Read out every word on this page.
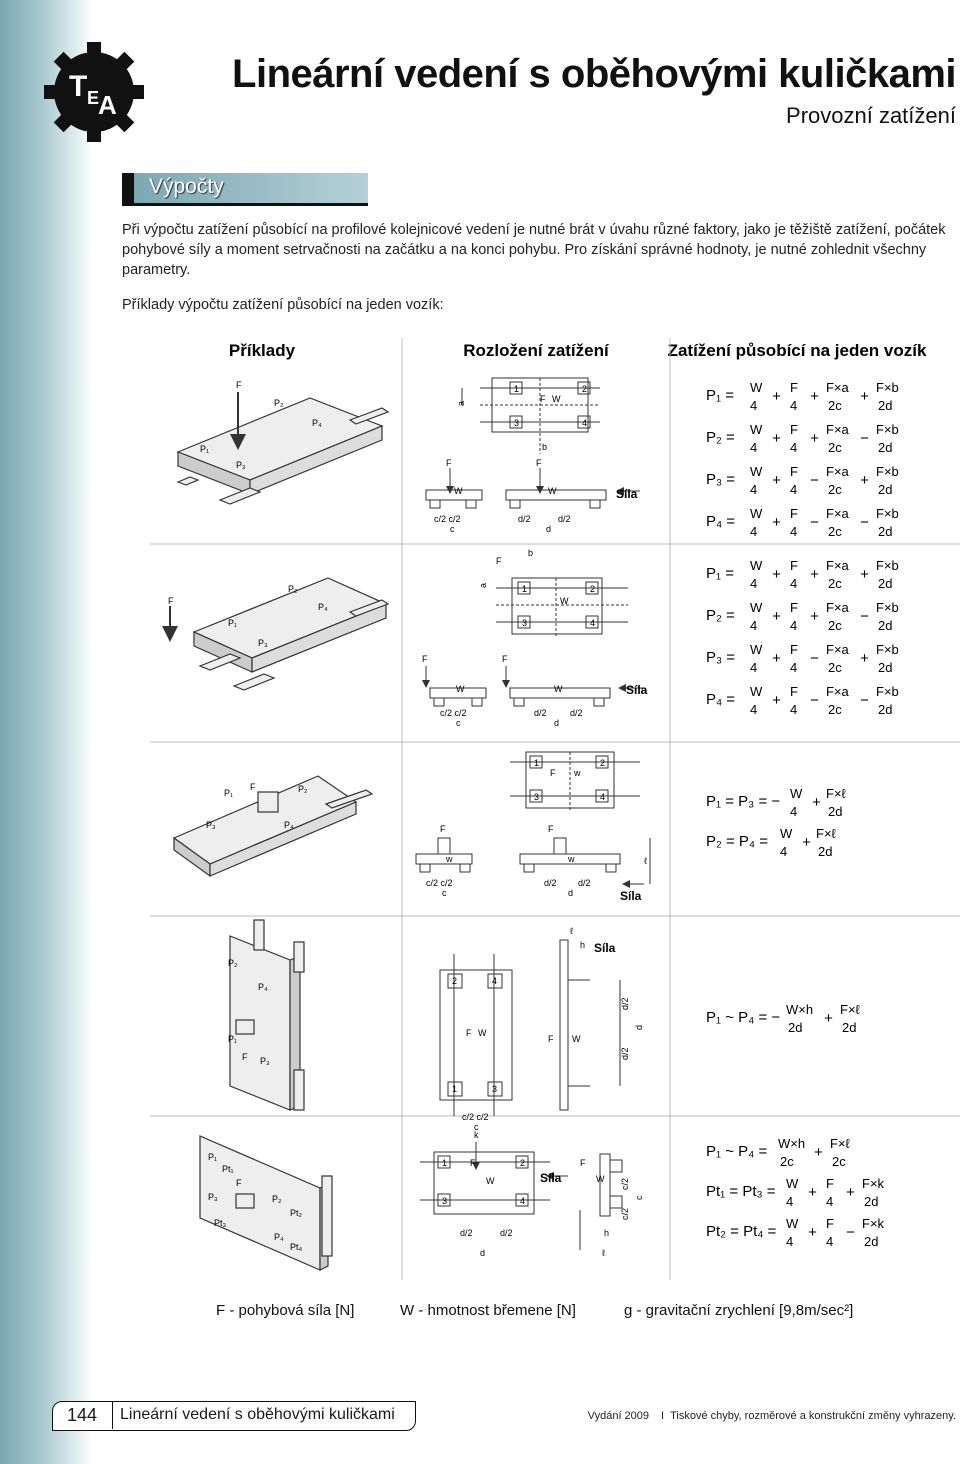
T E
A
Lineární vedení s oběhovými kuličkami
Provozní zatížení
Výpočty
Při výpočtu zatížení působící na profilové kolejnicové vedení je nutné brát v úvahu různé faktory, jako je těžiště zatížení, počátek pohybové síly a moment setrvačnosti na začátku a na konci pohybu. Pro získání správné hodnoty, je nutné zohlednit všechny parametry.
Příklady výpočtu zatížení působící na jeden vozík:
Příklady	Rozložení zatížení	Zatížení působící na jeden vozík
F
P₂
P₄
P₁
P₃
1	2
3	4
F W
a
b
F
W
F
W	Síla
c/2 c/2
c
d/2	d/2
d
P₁ = W 4 + F 4 + F×a 2c + F×b 2d
P₂ = W 4 + F 4 + F×a 2c − F×b 2d
P₃ = W 4 + F 4 − F×a 2c + F×b 2d
P₄ = W 4 + F 4 − F×a 2c − F×b 2d
F
P₂
P₄
P₁
P₃
1	2
3	4
F
b
a
W
F
W
F
W	Síla
c/2 c/2
c
d/2	d/2
d
P₁ = W 4 + F 4 + F×a 2c + F×b 2d
P₂ = W 4 + F 4 + F×a 2c − F×b 2d
P₃ = W 4 + F 4 − F×a 2c + F×b 2d
P₄ = W 4 + F 4 − F×a 2c − F×b 2d
P₁
F	P₂
P₃	P₄
1	2
3	4
F w
F
w
F
w	ℓ
Síla
c/2 c/2
c
d/2 d/2
d
P₁ = P₃ = − W 4 + F×ℓ 2d
P₂ = P₄ = W 4 + F×ℓ 2d
P₂
P₄
P₁
F P₃
2	4
1	3
F W
c/2 c/2
c
ℓ
h Síla
F W
d/2
d/2
d
P₁ ~ P₄ = − W×h 2d + F×ℓ 2d
P₁
Pt₁
F
P₃	P₂
Pt₂
Pt₃
P₄
Pt₄
k
1	2
3	4
F
W	Síla
d/2	d/2
d
F
W c/2
c/2
c
h
ℓ
P₁ ~ P₄ = W×h 2c + F×ℓ 2c
Pt₁ = Pt₃ = W 4 + F 4 + F×k 2d
Pt₂ = Pt₄ = W 4 + F 4 − F×k 2d
F - pohybová síla [N]	W - hmotnost břemene [N]	g - gravitační zrychlení [9,8m/sec²]
144	Lineární vedení s oběhovými kuličkami	Vydání 2009 I Tiskové chyby, rozměrové a konstrukční změny vyhrazeny.
